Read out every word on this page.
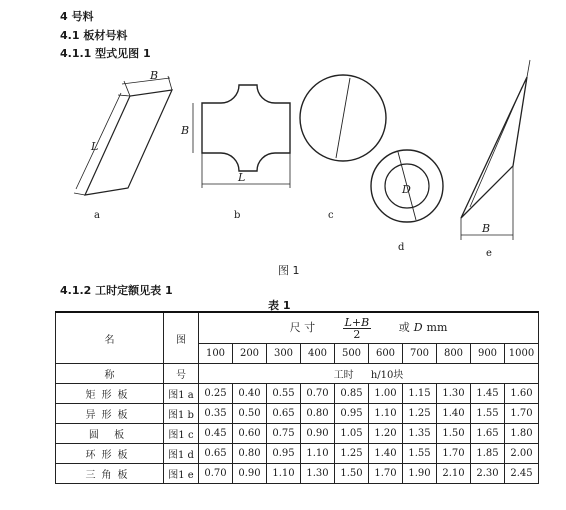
4 号料
4.1 板材号料
4.1.1 型式见图 1
B
L
B
L
D
B
a	b	c
d
e
图 1
4.1.2 工时定额见表 1
表 1
名	图	尺 寸 $\frac{L+B}{2}$ 或 D mm									
		100	200	300	400	500	600	700	800	900	1000
称	号	工时 h/10块									
矩形板	图1 a	0.25	0.40	0.55	0.70	0.85	1.00	1.15	1.30	1.45	1.60
异形板	图1 b	0.35	0.50	0.65	0.80	0.95	1.10	1.25	1.40	1.55	1.70
圆 板	图1 c	0.45	0.60	0.75	0.90	1.05	1.20	1.35	1.50	1.65	1.80
环形板	图1 d	0.65	0.80	0.95	1.10	1.25	1.40	1.55	1.70	1.85	2.00
三角板	图1 e	0.70	0.90	1.10	1.30	1.50	1.70	1.90	2.10	2.30	2.45
